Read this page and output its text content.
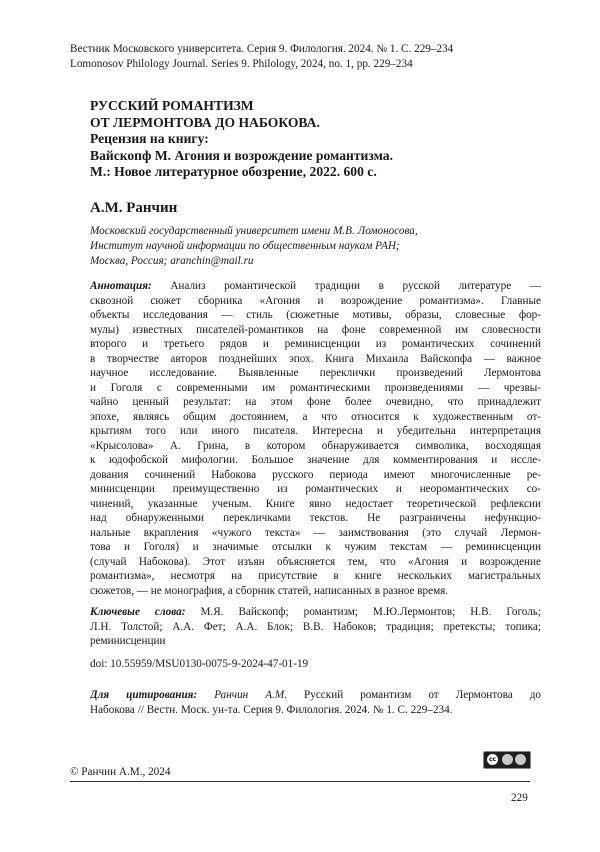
Вестник Московского университета. Серия 9. Филология. 2024. № 1. С. 229–234
Lomonosov Philology Journal. Series 9. Philology, 2024, no. 1, pp. 229–234
РУССКИЙ РОМАНТИЗМ
ОТ ЛЕРМОНТОВА ДО НАБОКОВА.
Рецензия на книгу:
Вайскопф М. Агония и возрождение романтизма.
М.: Новое литературное обозрение, 2022. 600 с.
А.М. Ранчин
Московский государственный университет имени М.В. Ломоносова,
Институт научной информации по общественным наукам РАН;
Москва, Россия; aranchin@mail.ru
Аннотация: Анализ романтической традиции в русской литературе —
сквозной сюжет сборника «Агония и возрождение романтизма». Главные
объекты исследования — стиль (сюжетные мотивы, образы, словесные фор-
мулы) известных писателей-романтиков на фоне современной им словесности
второго и третьего рядов и реминисценции из романтических сочинений
в творчестве авторов позднейших эпох. Книга Михаила Вайскопфа — важное
научное исследование. Выявленные переклички произведений Лермонтова
и Гоголя с современными им романтическими произведениями — чрезвы-
чайно ценный результат: на этом фоне более очевидно, что принадлежит
эпохе, являясь общим достоянием, а что относится к художественным от-
крытиям того или иного писателя. Интересна и убедительна интерпретация
«Крысолова» А. Грина, в котором обнаруживается символика, восходящая
к юдофобской мифологии. Большое значение для комментирования и иссле-
дования сочинений Набокова русского периода имеют многочисленные ре-
минисценции преимущественно из романтических и неоромантических со-
чинений, указанные ученым. Книге явно недостает теоретической рефлексии
над обнаруженными перекличками текстов. Не разграничены нефункцио-
нальные вкрапления «чужого текста» — заимствования (это случай Лермон-
това и Гоголя) и значимые отсылки к чужим текстам — реминисценции
(случай Набокова). Этот изъян объясняется тем, что «Агония и возрождение
романтизма», несмотря на присутствие в книге нескольких магистральных
сюжетов, — не монография, а сборник статей, написанных в разное время.
Ключевые слова: М.Я. Вайскопф; романтизм; М.Ю.Лермонтов; Н.В. Гоголь;
Л.Н. Толстой; А.А. Фет; А.А. Блок; В.В. Набоков; традиция; претексты; топика;
реминисценции
doi: 10.55959/MSU0130-0075-9-2024-47-01-19
Для цитирования: Ранчин А.М. Русский романтизм от Лермонтова до
Набокова // Вестн. Моск. ун-та. Серия 9. Филология. 2024. № 1. С. 229–234.
© Ранчин А.М., 2024
cc
229
